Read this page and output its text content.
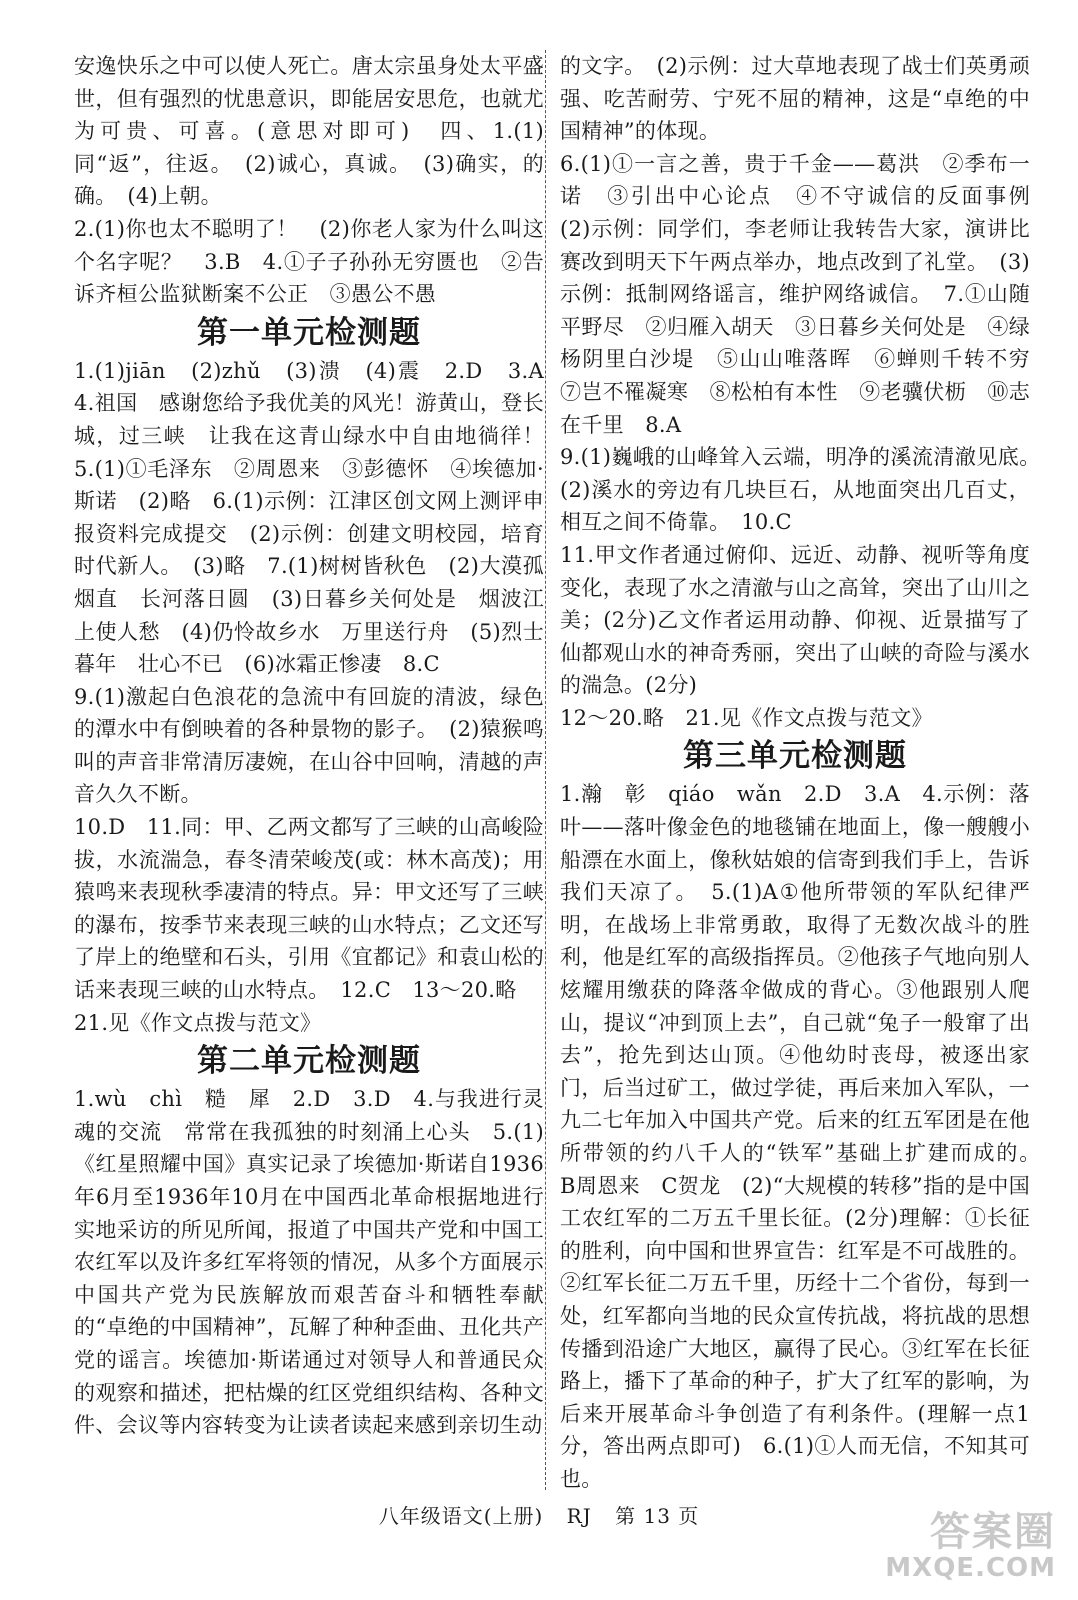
安逸快乐之中可以使人死亡。唐太宗虽身处太平盛世，但有强烈的忧患意识，即能居安思危，也就尤为可贵、可喜。(意思对即可)　四、1.(1)同“返”，往返。　(2)诚心，真诚。　(3)确实，的确。　(4)上朝。

2.(1)你也太不聪明了！　(2)你老人家为什么叫这个名字呢？　3.B　4.①子子孙孙无穷匮也　②告诉齐桓公监狱断案不公正　③愚公不愚

第一单元检测题

1.(1)jiān　(2)zhǔ　(3)溃　(4)震　2.D　3.A　4.祖国　感谢您给予我优美的风光！游黄山，登长城，过三峡　让我在这青山绿水中自由地徜徉！　5.(1)①毛泽东　②周恩来　③彭德怀　④埃德加·斯诺　(2)略　6.(1)示例：江津区创文网上测评申报资料完成提交　(2)示例：创建文明校园，培育时代新人。　(3)略　7.(1)树树皆秋色　(2)大漠孤烟直　长河落日圆　(3)日暮乡关何处是　烟波江上使人愁　(4)仍怜故乡水　万里送行舟　(5)烈士暮年　壮心不已　(6)冰霜正惨凄　8.C

9.(1)激起白色浪花的急流中有回旋的清波，绿色的潭水中有倒映着的各种景物的影子。　(2)猿猴鸣叫的声音非常清厉凄婉，在山谷中回响，清越的声音久久不断。

10.D　11.同：甲、乙两文都写了三峡的山高峻险拔，水流湍急，春冬清荣峻茂(或：林木高茂)；用猿鸣来表现秋季凄清的特点。异：甲文还写了三峡的瀑布，按季节来表现三峡的山水特点；乙文还写了岸上的绝壁和石头，引用《宜都记》和袁山松的话来表现三峡的山水特点。　12.C　13～20.略

21.见《作文点拨与范文》

第二单元检测题

1.wù　chì　糙　犀　2.D　3.D　4.与我进行灵魂的交流　常常在我孤独的时刻涌上心头　5.(1)《红星照耀中国》真实记录了埃德加·斯诺自1936年6月至1936年10月在中国西北革命根据地进行实地采访的所见所闻，报道了中国共产党和中国工农红军以及许多红军将领的情况，从多个方面展示中国共产党为民族解放而艰苦奋斗和牺牲奉献的“卓绝的中国精神”，瓦解了种种歪曲、丑化共产党的谣言。埃德加·斯诺通过对领导人和普通民众的观察和描述，把枯燥的红区党组织结构、各种文件、会议等内容转变为让读者读起来感到亲切生动

的文字。　(2)示例：过大草地表现了战士们英勇顽强、吃苦耐劳、宁死不屈的精神，这是“卓绝的中国精神”的体现。

6.(1)①一言之善，贵于千金——葛洪　②季布一诺　③引出中心论点　④不守诚信的反面事例　(2)示例：同学们，李老师让我转告大家，演讲比赛改到明天下午两点举办，地点改到了礼堂。　(3)示例：抵制网络谣言，维护网络诚信。　7.①山随平野尽　②归雁入胡天　③日暮乡关何处是　④绿杨阴里白沙堤　⑤山山唯落晖　⑥蝉则千转不穷　⑦岂不罹凝寒　⑧松柏有本性　⑨老骥伏枥　⑩志在千里　8.A

9.(1)巍峨的山峰耸入云端，明净的溪流清澈见底。　(2)溪水的旁边有几块巨石，从地面突出几百丈，相互之间不倚靠。　10.C

11.甲文作者通过俯仰、远近、动静、视听等角度变化，表现了水之清澈与山之高耸，突出了山川之美；(2分)乙文作者运用动静、仰视、近景描写了仙都观山水的神奇秀丽，突出了山峡的奇险与溪水的湍急。(2分)

12～20.略　21.见《作文点拨与范文》

第三单元检测题

1.瀚　彰　qiáo　wǎn　2.D　3.A　4.示例：落叶——落叶像金色的地毯铺在地面上，像一艘艘小船漂在水面上，像秋姑娘的信寄到我们手上，告诉我们天凉了。　5.(1)A①他所带领的军队纪律严明，在战场上非常勇敢，取得了无数次战斗的胜利，他是红军的高级指挥员。②他孩子气地向别人炫耀用缴获的降落伞做成的背心。③他跟别人爬山，提议“冲到顶上去”，自己就“兔子一般窜了出去”，抢先到达山顶。④他幼时丧母，被逐出家门，后当过矿工，做过学徒，再后来加入军队，一九二七年加入中国共产党。后来的红五军团是在他所带领的约八千人的“铁军”基础上扩建而成的。　B周恩来　C贺龙　(2)“大规模的转移”指的是中国工农红军的二万五千里长征。(2分)理解：①长征的胜利，向中国和世界宣告：红军是不可战胜的。②红军长征二万五千里，历经十二个省份，每到一处，红军都向当地的民众宣传抗战，将抗战的思想传播到沿途广大地区，赢得了民心。③红军在长征路上，播下了革命的种子，扩大了红军的影响，为后来开展革命斗争创造了有利条件。(理解一点1分，答出两点即可)　6.(1)①人而无信，不知其可也。

八年级语文(上册) RJ 第 13 页	答案圈
MXQE.COM
